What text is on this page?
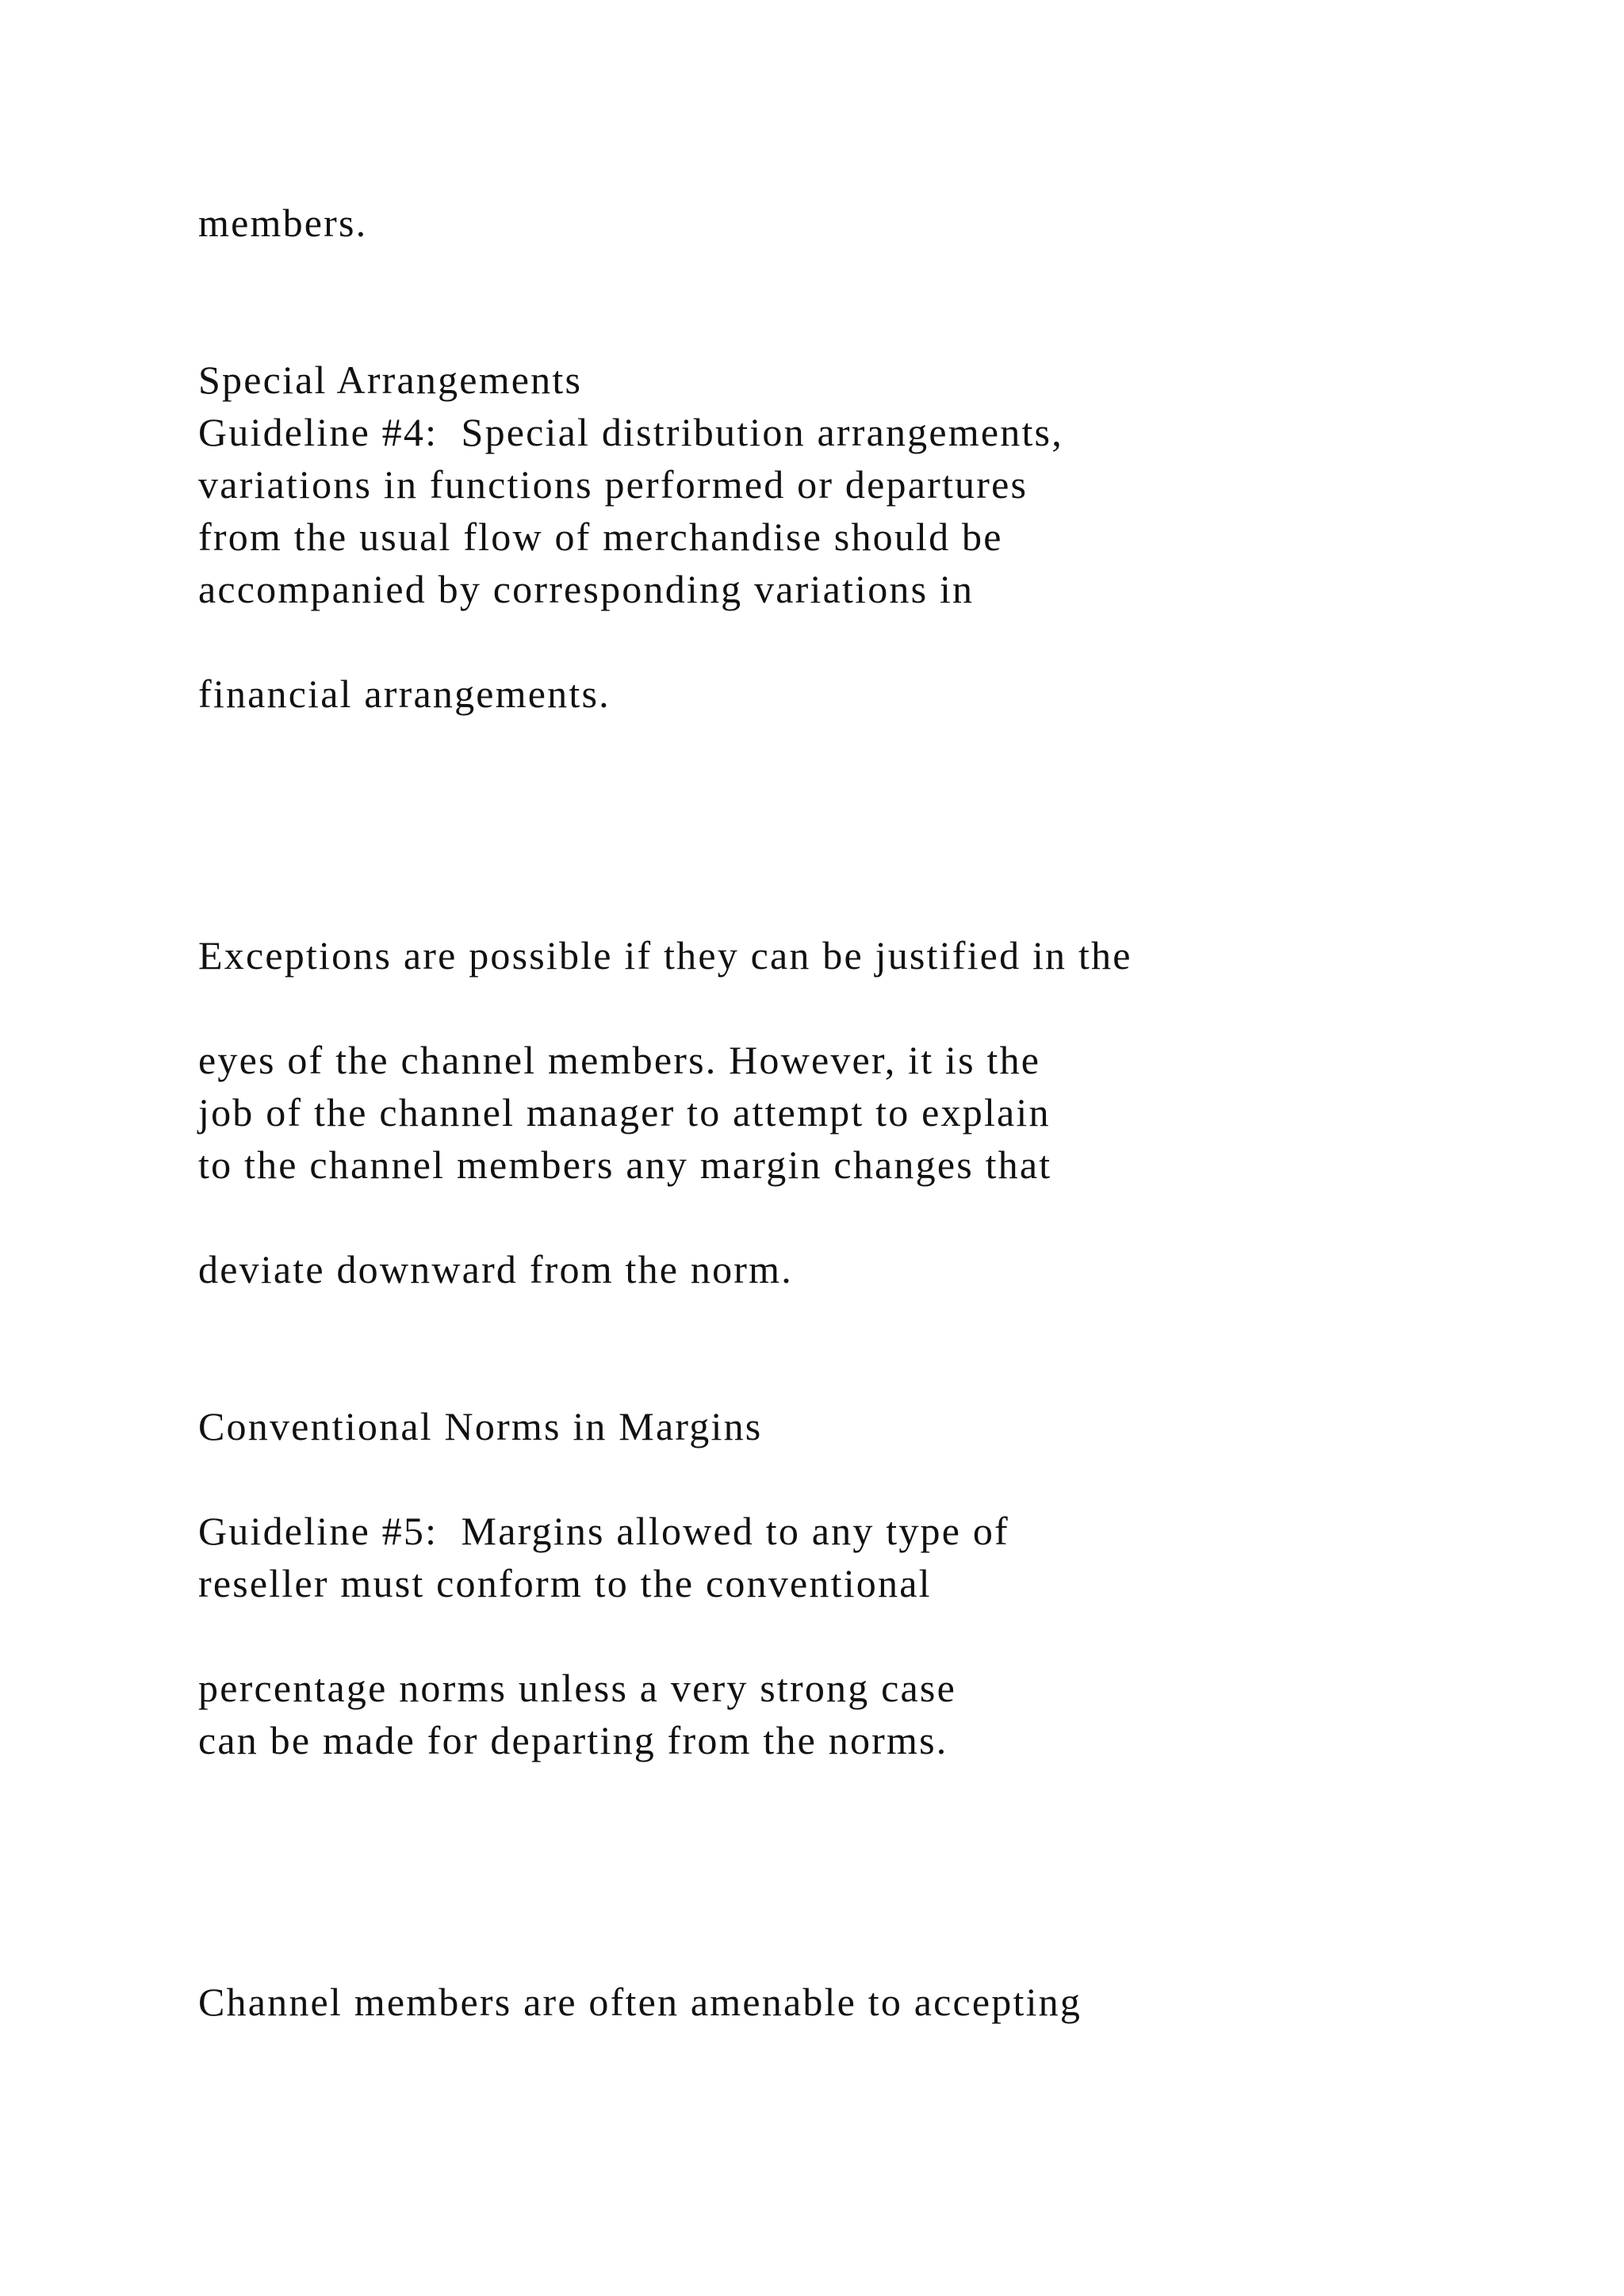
members.

Special Arrangements

Guideline #4:  Special distribution arrangements,

variations in functions performed or departures

from the usual flow of merchandise should be

accompanied by corresponding variations in

financial arrangements.

Exceptions are possible if they can be justified in the

eyes of the channel members. However, it is the

job of the channel manager to attempt to explain

to the channel members any margin changes that

deviate downward from the norm.

Conventional Norms in Margins

Guideline #5:  Margins allowed to any type of

reseller must conform to the conventional

percentage norms unless a very strong case

can be made for departing from the norms.

Channel members are often amenable to accepting
